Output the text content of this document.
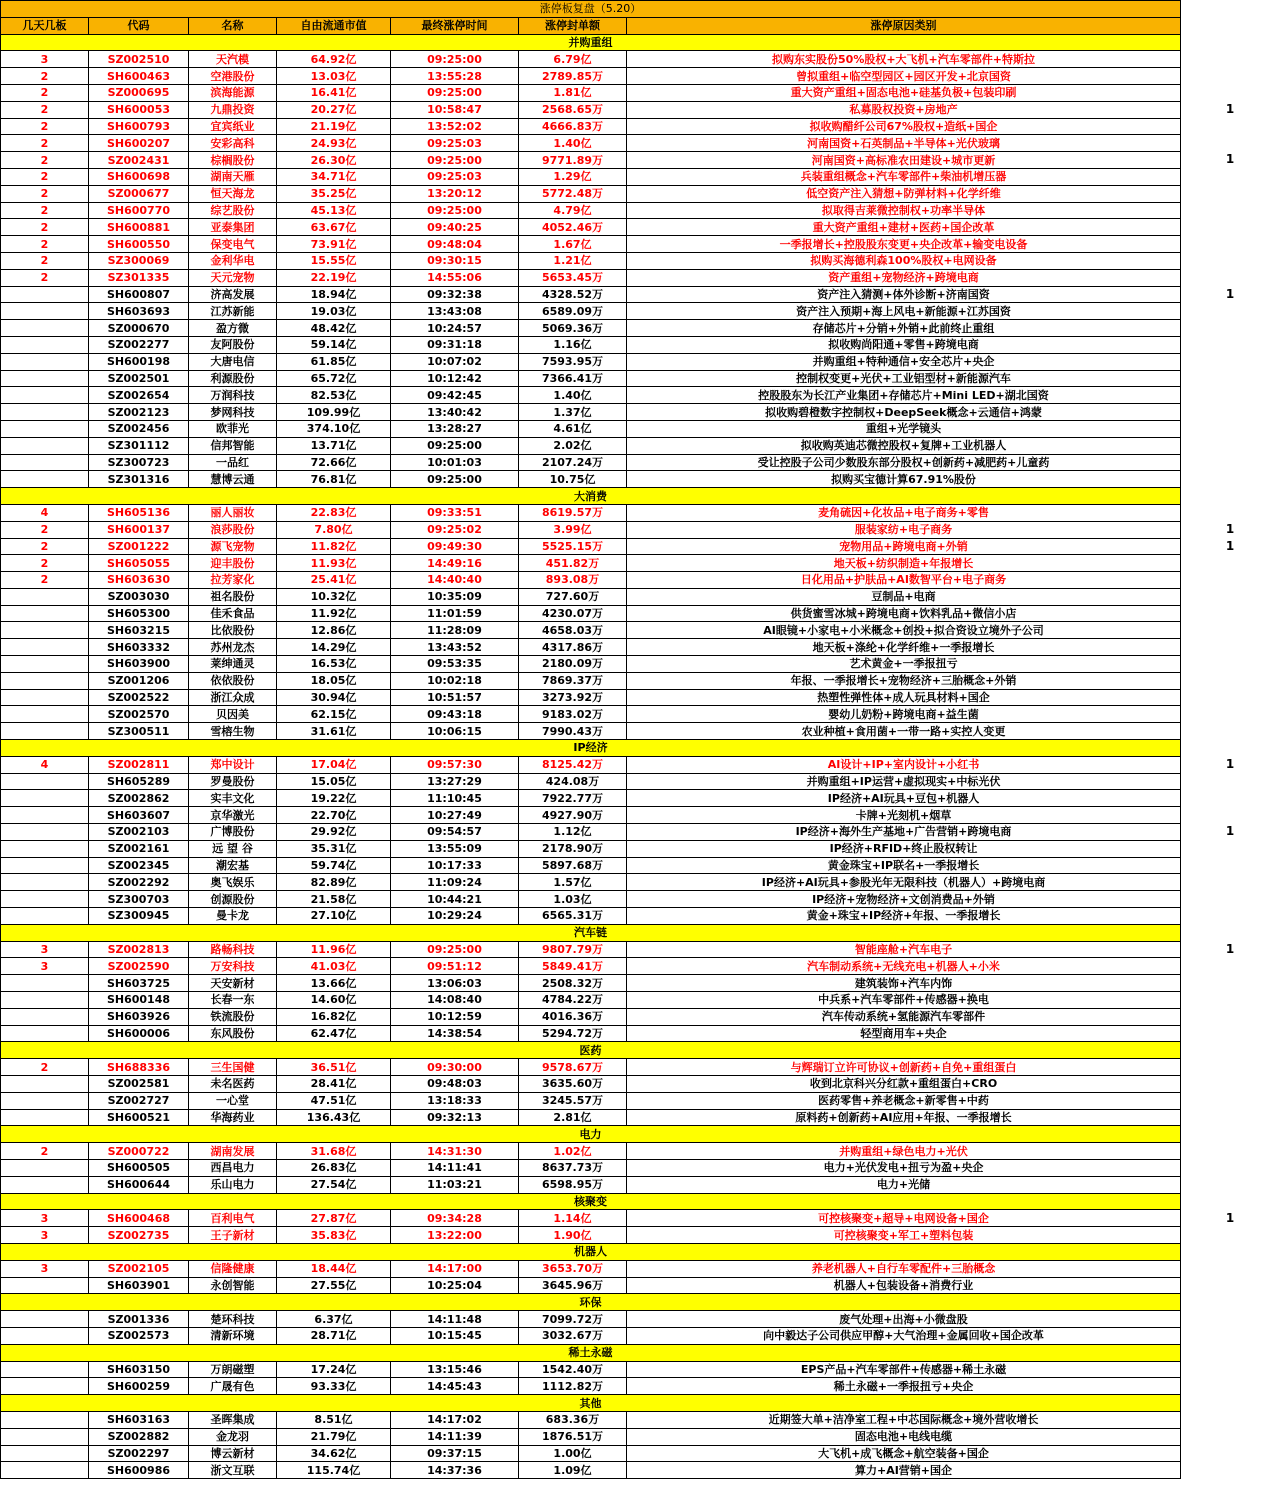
涨停板复盘（5.20）						
几天几板	代码	名称	自由流通市值	最终涨停时间	涨停封单额	涨停原因类别
并购重组						
3	SZ002510	天汽模	64.92亿	09:25:00	6.79亿	拟购东实股份50%股权+大飞机+汽车零部件+特斯拉
2	SH600463	空港股份	13.03亿	13:55:28	2789.85万	曾拟重组+临空型园区+园区开发+北京国资
2	SZ000695	滨海能源	16.41亿	09:25:00	1.81亿	重大资产重组+固态电池+硅基负极+包装印刷
2	SH600053	九鼎投资	20.27亿	10:58:47	2568.65万	私募股权投资+房地产
2	SH600793	宜宾纸业	21.19亿	13:52:02	4666.83万	拟收购醋纤公司67%股权+造纸+国企
2	SH600207	安彩高科	24.93亿	09:25:03	1.40亿	河南国资+石英制品+半导体+光伏玻璃
2	SZ002431	棕榈股份	26.30亿	09:25:00	9771.89万	河南国资+高标准农田建设+城市更新
2	SH600698	湖南天雁	34.71亿	09:25:03	1.29亿	兵装重组概念+汽车零部件+柴油机增压器
2	SZ000677	恒天海龙	35.25亿	13:20:12	5772.48万	低空资产注入猜想+防弹材料+化学纤维
2	SH600770	综艺股份	45.13亿	09:25:00	4.79亿	拟取得吉莱微控制权+功率半导体
2	SH600881	亚泰集团	63.67亿	09:40:25	4052.46万	重大资产重组+建材+医药+国企改革
2	SH600550	保变电气	73.91亿	09:48:04	1.67亿	一季报增长+控股股东变更+央企改革+输变电设备
2	SZ300069	金利华电	15.55亿	09:30:15	1.21亿	拟购买海德利森100%股权+电网设备
2	SZ301335	天元宠物	22.19亿	14:55:06	5653.45万	资产重组+宠物经济+跨境电商
	SH600807	济高发展	18.94亿	09:32:38	4328.52万	资产注入猜测+体外诊断+济南国资
	SH603693	江苏新能	19.03亿	13:43:08	6589.09万	资产注入预期+海上风电+新能源+江苏国资
	SZ000670	盈方微	48.42亿	10:24:57	5069.36万	存储芯片+分销+外销+此前终止重组
	SZ002277	友阿股份	59.14亿	09:31:18	1.16亿	拟收购尚阳通+零售+跨境电商
	SH600198	大唐电信	61.85亿	10:07:02	7593.95万	并购重组+特种通信+安全芯片+央企
	SZ002501	利源股份	65.72亿	10:12:42	7366.41万	控制权变更+光伏+工业铝型材+新能源汽车
	SZ002654	万润科技	82.53亿	09:42:45	1.40亿	控股股东为长江产业集团+存储芯片+Mini LED+湖北国资
	SZ002123	梦网科技	109.99亿	13:40:42	1.37亿	拟收购碧橙数字控制权+DeepSeek概念+云通信+鸿蒙
	SZ002456	欧菲光	374.10亿	13:28:27	4.61亿	重组+光学镜头
	SZ301112	信邦智能	13.71亿	09:25:00	2.02亿	拟收购英迪芯微控股权+复牌+工业机器人
	SZ300723	一品红	72.66亿	10:01:03	2107.24万	受让控股子公司少数股东部分股权+创新药+减肥药+儿童药
	SZ301316	慧博云通	76.81亿	09:25:00	10.75亿	拟购买宝德计算67.91%股份
大消费						
4	SH605136	丽人丽妆	22.83亿	09:33:51	8619.57万	麦角硫因+化妆品+电子商务+零售
2	SH600137	浪莎股份	7.80亿	09:25:02	3.99亿	服装家纺+电子商务
2	SZ001222	源飞宠物	11.82亿	09:49:30	5525.15万	宠物用品+跨境电商+外销
2	SH605055	迎丰股份	11.93亿	14:49:16	451.82万	地天板+纺织制造+年报增长
2	SH603630	拉芳家化	25.41亿	14:40:40	893.08万	日化用品+护肤品+AI数智平台+电子商务
	SZ003030	祖名股份	10.32亿	10:35:09	727.60万	豆制品+电商
	SH605300	佳禾食品	11.92亿	11:01:59	4230.07万	供货蜜雪冰城+跨境电商+饮料乳品+微信小店
	SH603215	比依股份	12.86亿	11:28:09	4658.03万	AI眼镜+小家电+小米概念+创投+拟合资设立境外子公司
	SH603332	苏州龙杰	14.29亿	13:43:52	4317.86万	地天板+涤纶+化学纤维+一季报增长
	SH603900	莱绅通灵	16.53亿	09:53:35	2180.09万	艺术黄金+一季报扭亏
	SZ001206	依依股份	18.05亿	10:02:18	7869.37万	年报、一季报增长+宠物经济+三胎概念+外销
	SZ002522	浙江众成	30.94亿	10:51:57	3273.92万	热塑性弹性体+成人玩具材料+国企
	SZ002570	贝因美	62.15亿	09:43:18	9183.02万	婴幼儿奶粉+跨境电商+益生菌
	SZ300511	雪榕生物	31.61亿	10:06:15	7990.43万	农业种植+食用菌+一带一路+实控人变更
IP经济						
4	SZ002811	郑中设计	17.04亿	09:57:30	8125.42万	AI设计+IP+室内设计+小红书
	SH605289	罗曼股份	15.05亿	13:27:29	424.08万	并购重组+IP运营+虚拟现实+中标光伏
	SZ002862	实丰文化	19.22亿	11:10:45	7922.77万	IP经济+AI玩具+豆包+机器人
	SH603607	京华激光	22.70亿	10:27:49	4927.90万	卡牌+光刻机+烟草
	SZ002103	广博股份	29.92亿	09:54:57	1.12亿	IP经济+海外生产基地+广告营销+跨境电商
	SZ002161	远 望 谷	35.31亿	13:55:09	2178.90万	IP经济+RFID+终止股权转让
	SZ002345	潮宏基	59.74亿	10:17:33	5897.68万	黄金珠宝+IP联名+一季报增长
	SZ002292	奥飞娱乐	82.89亿	11:09:24	1.57亿	IP经济+AI玩具+参股光年无限科技（机器人）+跨境电商
	SZ300703	创源股份	21.58亿	10:44:21	1.03亿	IP经济+宠物经济+文创消费品+外销
	SZ300945	曼卡龙	27.10亿	10:29:24	6565.31万	黄金+珠宝+IP经济+年报、一季报增长
汽车链						
3	SZ002813	路畅科技	11.96亿	09:25:00	9807.79万	智能座舱+汽车电子
3	SZ002590	万安科技	41.03亿	09:51:12	5849.41万	汽车制动系统+无线充电+机器人+小米
	SH603725	天安新材	13.66亿	13:06:03	2508.32万	建筑装饰+汽车内饰
	SH600148	长春一东	14.60亿	14:08:40	4784.22万	中兵系+汽车零部件+传感器+换电
	SH603926	铁流股份	16.82亿	10:12:59	4016.36万	汽车传动系统+氢能源汽车零部件
	SH600006	东风股份	62.47亿	14:38:54	5294.72万	轻型商用车+央企
医药						
2	SH688336	三生国健	36.51亿	09:30:00	9578.67万	与辉瑞订立许可协议+创新药+自免+重组蛋白
	SZ002581	未名医药	28.41亿	09:48:03	3635.60万	收到北京科兴分红款+重组蛋白+CRO
	SZ002727	一心堂	47.51亿	13:18:33	3245.57万	医药零售+养老概念+新零售+中药
	SH600521	华海药业	136.43亿	09:32:13	2.81亿	原料药+创新药+AI应用+年报、一季报增长
电力						
2	SZ000722	湖南发展	31.68亿	14:31:30	1.02亿	并购重组+绿色电力+光伏
	SH600505	西昌电力	26.83亿	14:11:41	8637.73万	电力+光伏发电+扭亏为盈+央企
	SH600644	乐山电力	27.54亿	11:03:21	6598.95万	电力+光储
核聚变						
3	SH600468	百利电气	27.87亿	09:34:28	1.14亿	可控核聚变+超导+电网设备+国企
3	SZ002735	王子新材	35.83亿	13:22:00	1.90亿	可控核聚变+军工+塑料包装
机器人						
3	SZ002105	信隆健康	18.44亿	14:17:00	3653.70万	养老机器人+自行车零配件+三胎概念
	SH603901	永创智能	27.55亿	10:25:04	3645.96万	机器人+包装设备+消费行业
环保						
	SZ001336	楚环科技	6.37亿	14:11:48	7099.72万	废气处理+出海+小微盘股
	SZ002573	清新环境	28.71亿	10:15:45	3032.67万	向中毅达子公司供应甲醇+大气治理+金属回收+国企改革
稀土永磁						
	SH603150	万朗磁塑	17.24亿	13:15:46	1542.40万	EPS产品+汽车零部件+传感器+稀土永磁
	SH600259	广晟有色	93.33亿	14:45:43	1112.82万	稀土永磁+一季报扭亏+央企
其他						
	SH603163	圣晖集成	8.51亿	14:17:02	683.36万	近期签大单+洁净室工程+中芯国际概念+境外营收增长
	SZ002882	金龙羽	21.79亿	14:11:39	1876.51万	固态电池+电线电缆
	SZ002297	博云新材	34.62亿	09:37:15	1.00亿	大飞机+成飞概念+航空装备+国企
	SH600986	浙文互联	115.74亿	14:37:36	1.09亿	算力+AI营销+国企
1
1
1
1
1
1
1
1
1
